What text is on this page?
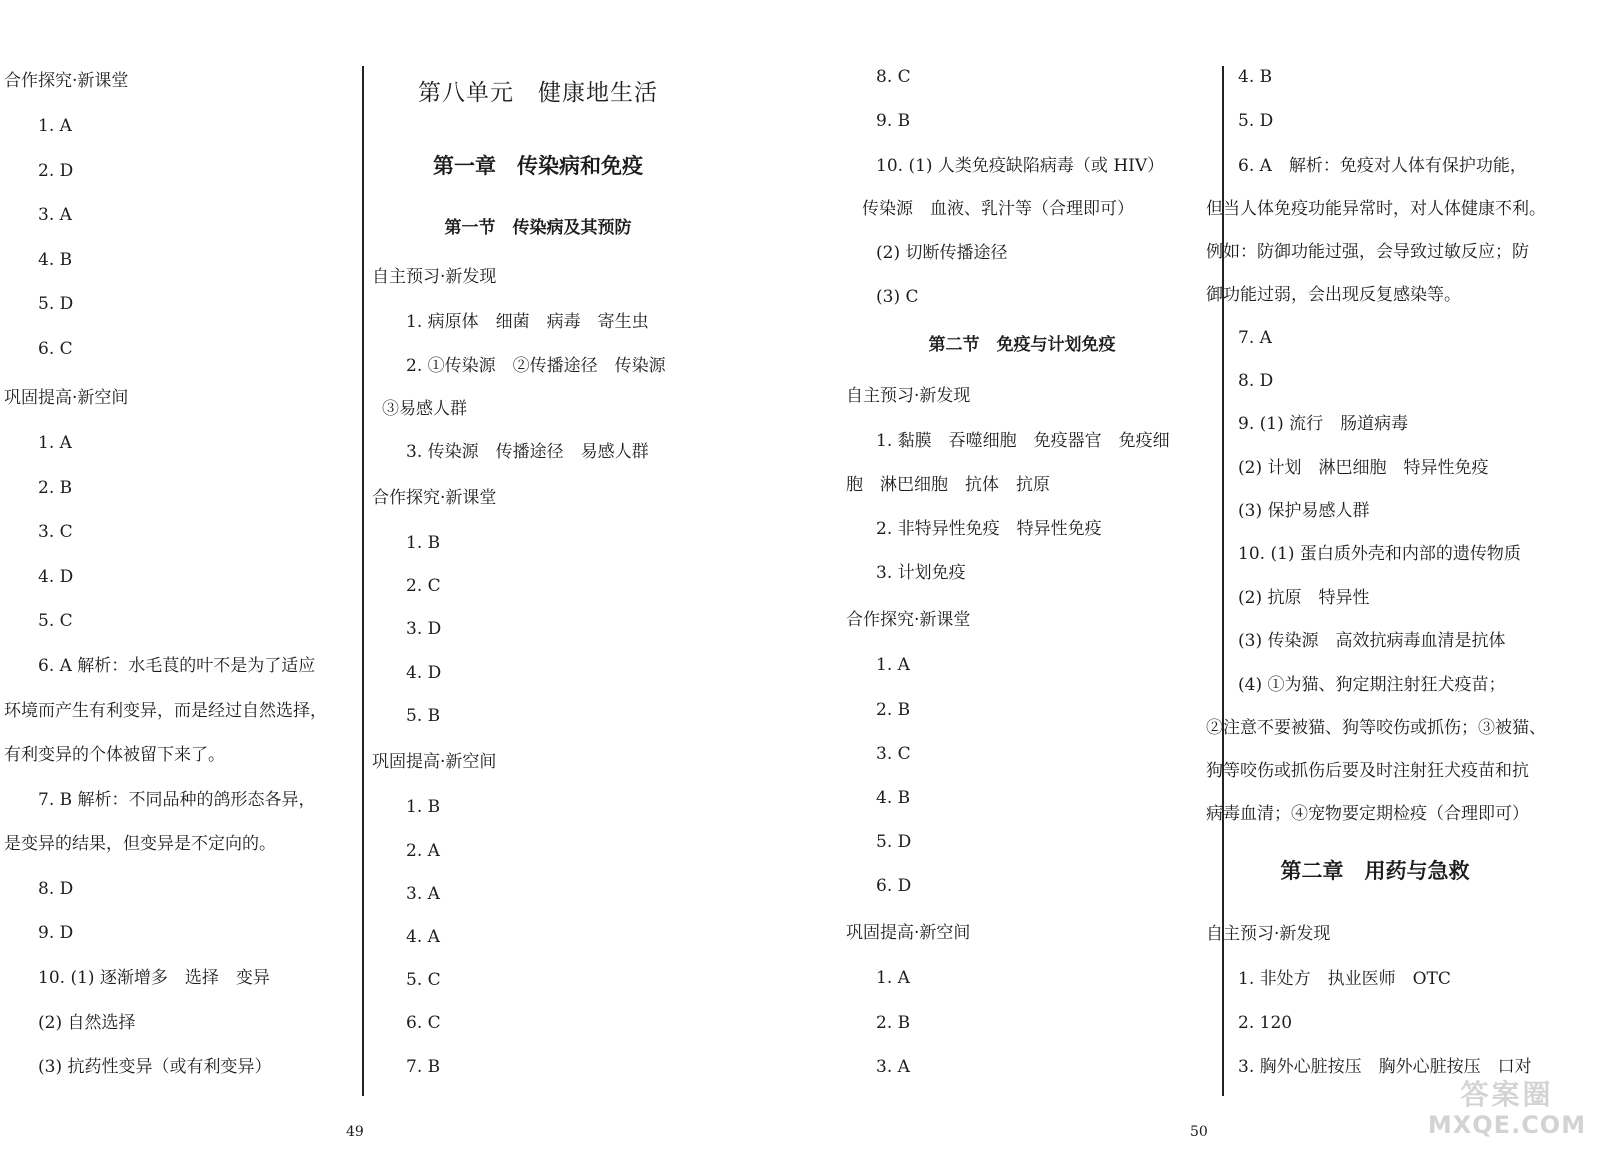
合作探究·新课堂
1. A
2. D
3. A
4. B
5. D
6. C
巩固提高·新空间
1. A
2. B
3. C
4. D
5. C
6. A 解析：水毛茛的叶不是为了适应
环境而产生有利变异，而是经过自然选择，
有利变异的个体被留下来了。
7. B 解析：不同品种的鸽形态各异，
是变异的结果，但变异是不定向的。
8. D
9. D
10. (1) 逐渐增多　选择　变异
(2) 自然选择
(3) 抗药性变异（或有利变异）
第八单元　健康地生活
第一章　传染病和免疫
第一节　传染病及其预防
自主预习·新发现
1. 病原体　细菌　病毒　寄生虫
2. ①传染源　②传播途径　传染源
③易感人群
3. 传染源　传播途径　易感人群
合作探究·新课堂
1. B
2. C
3. D
4. D
5. B
巩固提高·新空间
1. B
2. A
3. A
4. A
5. C
6. C
7. B
49
8. C
9. B
10. (1) 人类免疫缺陷病毒（或 HIV）
传染源　血液、乳汁等（合理即可）
(2) 切断传播途径
(3) C
第二节　免疫与计划免疫
自主预习·新发现
1. 黏膜　吞噬细胞　免疫器官　免疫细
胞　淋巴细胞　抗体　抗原
2. 非特异性免疫　特异性免疫
3. 计划免疫
合作探究·新课堂
1. A
2. B
3. C
4. B
5. D
6. D
巩固提高·新空间
1. A
2. B
3. A
50
4. B
5. D
6. A　解析：免疫对人体有保护功能，
但当人体免疫功能异常时，对人体健康不利。
例如：防御功能过强，会导致过敏反应；防
御功能过弱，会出现反复感染等。
7. A
8. D
9. (1) 流行　肠道病毒
(2) 计划　淋巴细胞　特异性免疫
(3) 保护易感人群
10. (1) 蛋白质外壳和内部的遗传物质
(2) 抗原　特异性
(3) 传染源　高效抗病毒血清是抗体
(4) ①为猫、狗定期注射狂犬疫苗；
②注意不要被猫、狗等咬伤或抓伤；③被猫、
狗等咬伤或抓伤后要及时注射狂犬疫苗和抗
病毒血清；④宠物要定期检疫（合理即可）
第二章　用药与急救
自主预习·新发现
1. 非处方　执业医师　OTC
2. 120
3. 胸外心脏按压　胸外心脏按压　口对
答案圈
MXQE.COM
